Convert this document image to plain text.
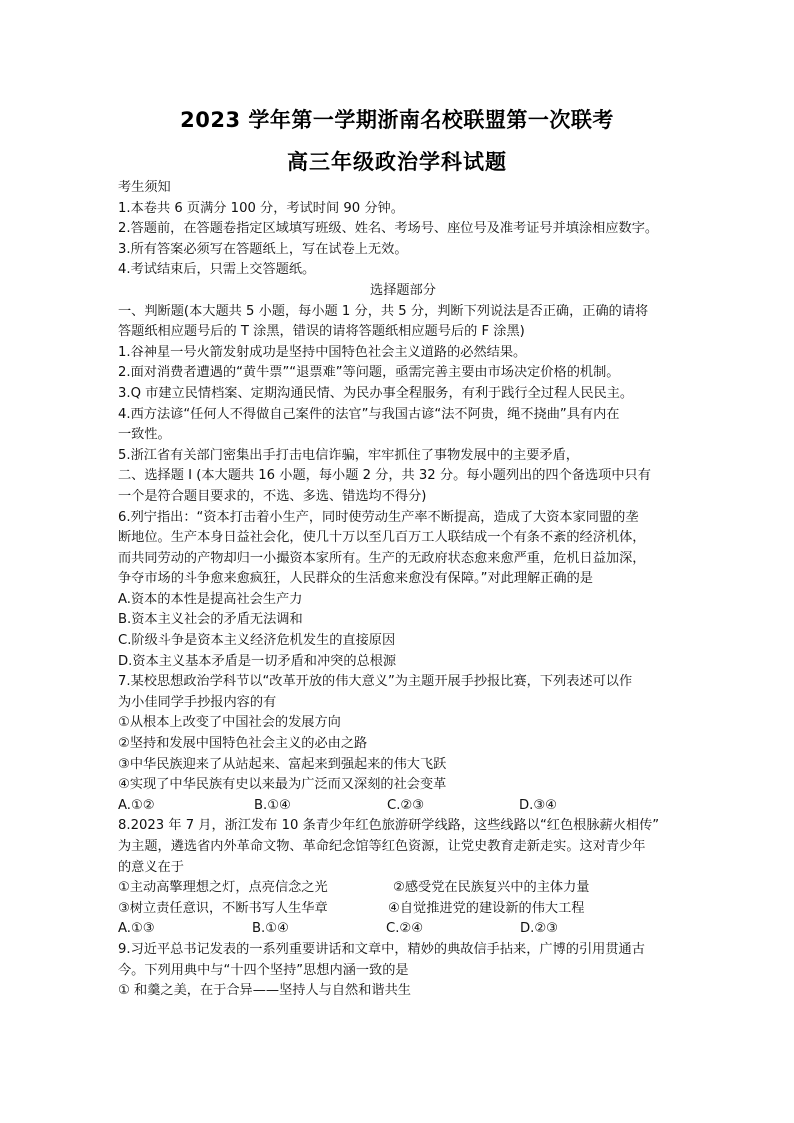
2023 学年第一学期浙南名校联盟第一次联考
高三年级政治学科试题
考生须知
1.本卷共 6 页满分 100 分，考试时间 90 分钟。
2.答题前，在答题卷指定区域填写班级、姓名、考场号、座位号及准考证号并填涂相应数字。
3.所有答案必须写在答题纸上，写在试卷上无效。
4.考试结束后，只需上交答题纸。
选择题部分
一、判断题(本大题共 5 小题，每小题 1 分，共 5 分，判断下列说法是否正确，正确的请将
答题纸相应题号后的 T 涂黑，错误的请将答题纸相应题号后的 F 涂黑)
1.谷神星一号火箭发射成功是坚持中国特色社会主义道路的必然结果。
2.面对消费者遭遇的“黄牛票”“退票难”等问题，亟需完善主要由市场决定价格的机制。
3.Q 市建立民情档案、定期沟通民情、为民办事全程服务，有利于践行全过程人民民主。
4.西方法谚“任何人不得做自己案件的法官”与我国古谚“法不阿贵，绳不挠曲”具有内在
一致性。
5.浙江省有关部门密集出手打击电信诈骗，牢牢抓住了事物发展中的主要矛盾，
二、选择题 I (本大题共 16 小题，每小题 2 分，共 32 分。每小题列出的四个备选项中只有
一个是符合题目要求的，不选、多选、错选均不得分)
6.列宁指出：“资本打击着小生产，同时使劳动生产率不断提高，造成了大资本家同盟的垄
断地位。生产本身日益社会化，使几十万以至几百万工人联结成一个有条不紊的经济机体，
而共同劳动的产物却归一小撮资本家所有。生产的无政府状态愈来愈严重，危机日益加深，
争夺市场的斗争愈来愈疯狂，人民群众的生活愈来愈没有保障。”对此理解正确的是
A.资本的本性是提高社会生产力
B.资本主义社会的矛盾无法调和
C.阶级斗争是资本主义经济危机发生的直接原因
D.资本主义基本矛盾是一切矛盾和冲突的总根源
7.某校思想政治学科节以“改革开放的伟大意义”为主题开展手抄报比赛，下列表述可以作
为小佳同学手抄报内容的有
①从根本上改变了中国社会的发展方向
②坚持和发展中国特色社会主义的必由之路
③中华民族迎来了从站起来、富起来到强起来的伟大飞跃
④实现了中华民族有史以来最为广泛而又深刻的社会变革
A.①②	B.①④	C.②③	D.③④
8.2023 年 7 月，浙江发布 10 条青少年红色旅游研学线路，这些线路以“红色根脉薪火相传”
为主题，遴选省内外革命文物、革命纪念馆等红色资源，让党史教育走新走实。这对青少年
的意义在于
①主动高擎理想之灯，点亮信念之光	②感受党在民族复兴中的主体力量
③树立责任意识，不断书写人生华章	④自觉推进党的建设新的伟大工程
A.①③	B.①④	C.②④	D.②③
9.习近平总书记发表的一系列重要讲话和文章中，精妙的典故信手拈来，广博的引用贯通古
今。下列用典中与“十四个坚持”思想内涵一致的是
① 和羹之美，在于合异——坚持人与自然和谐共生
